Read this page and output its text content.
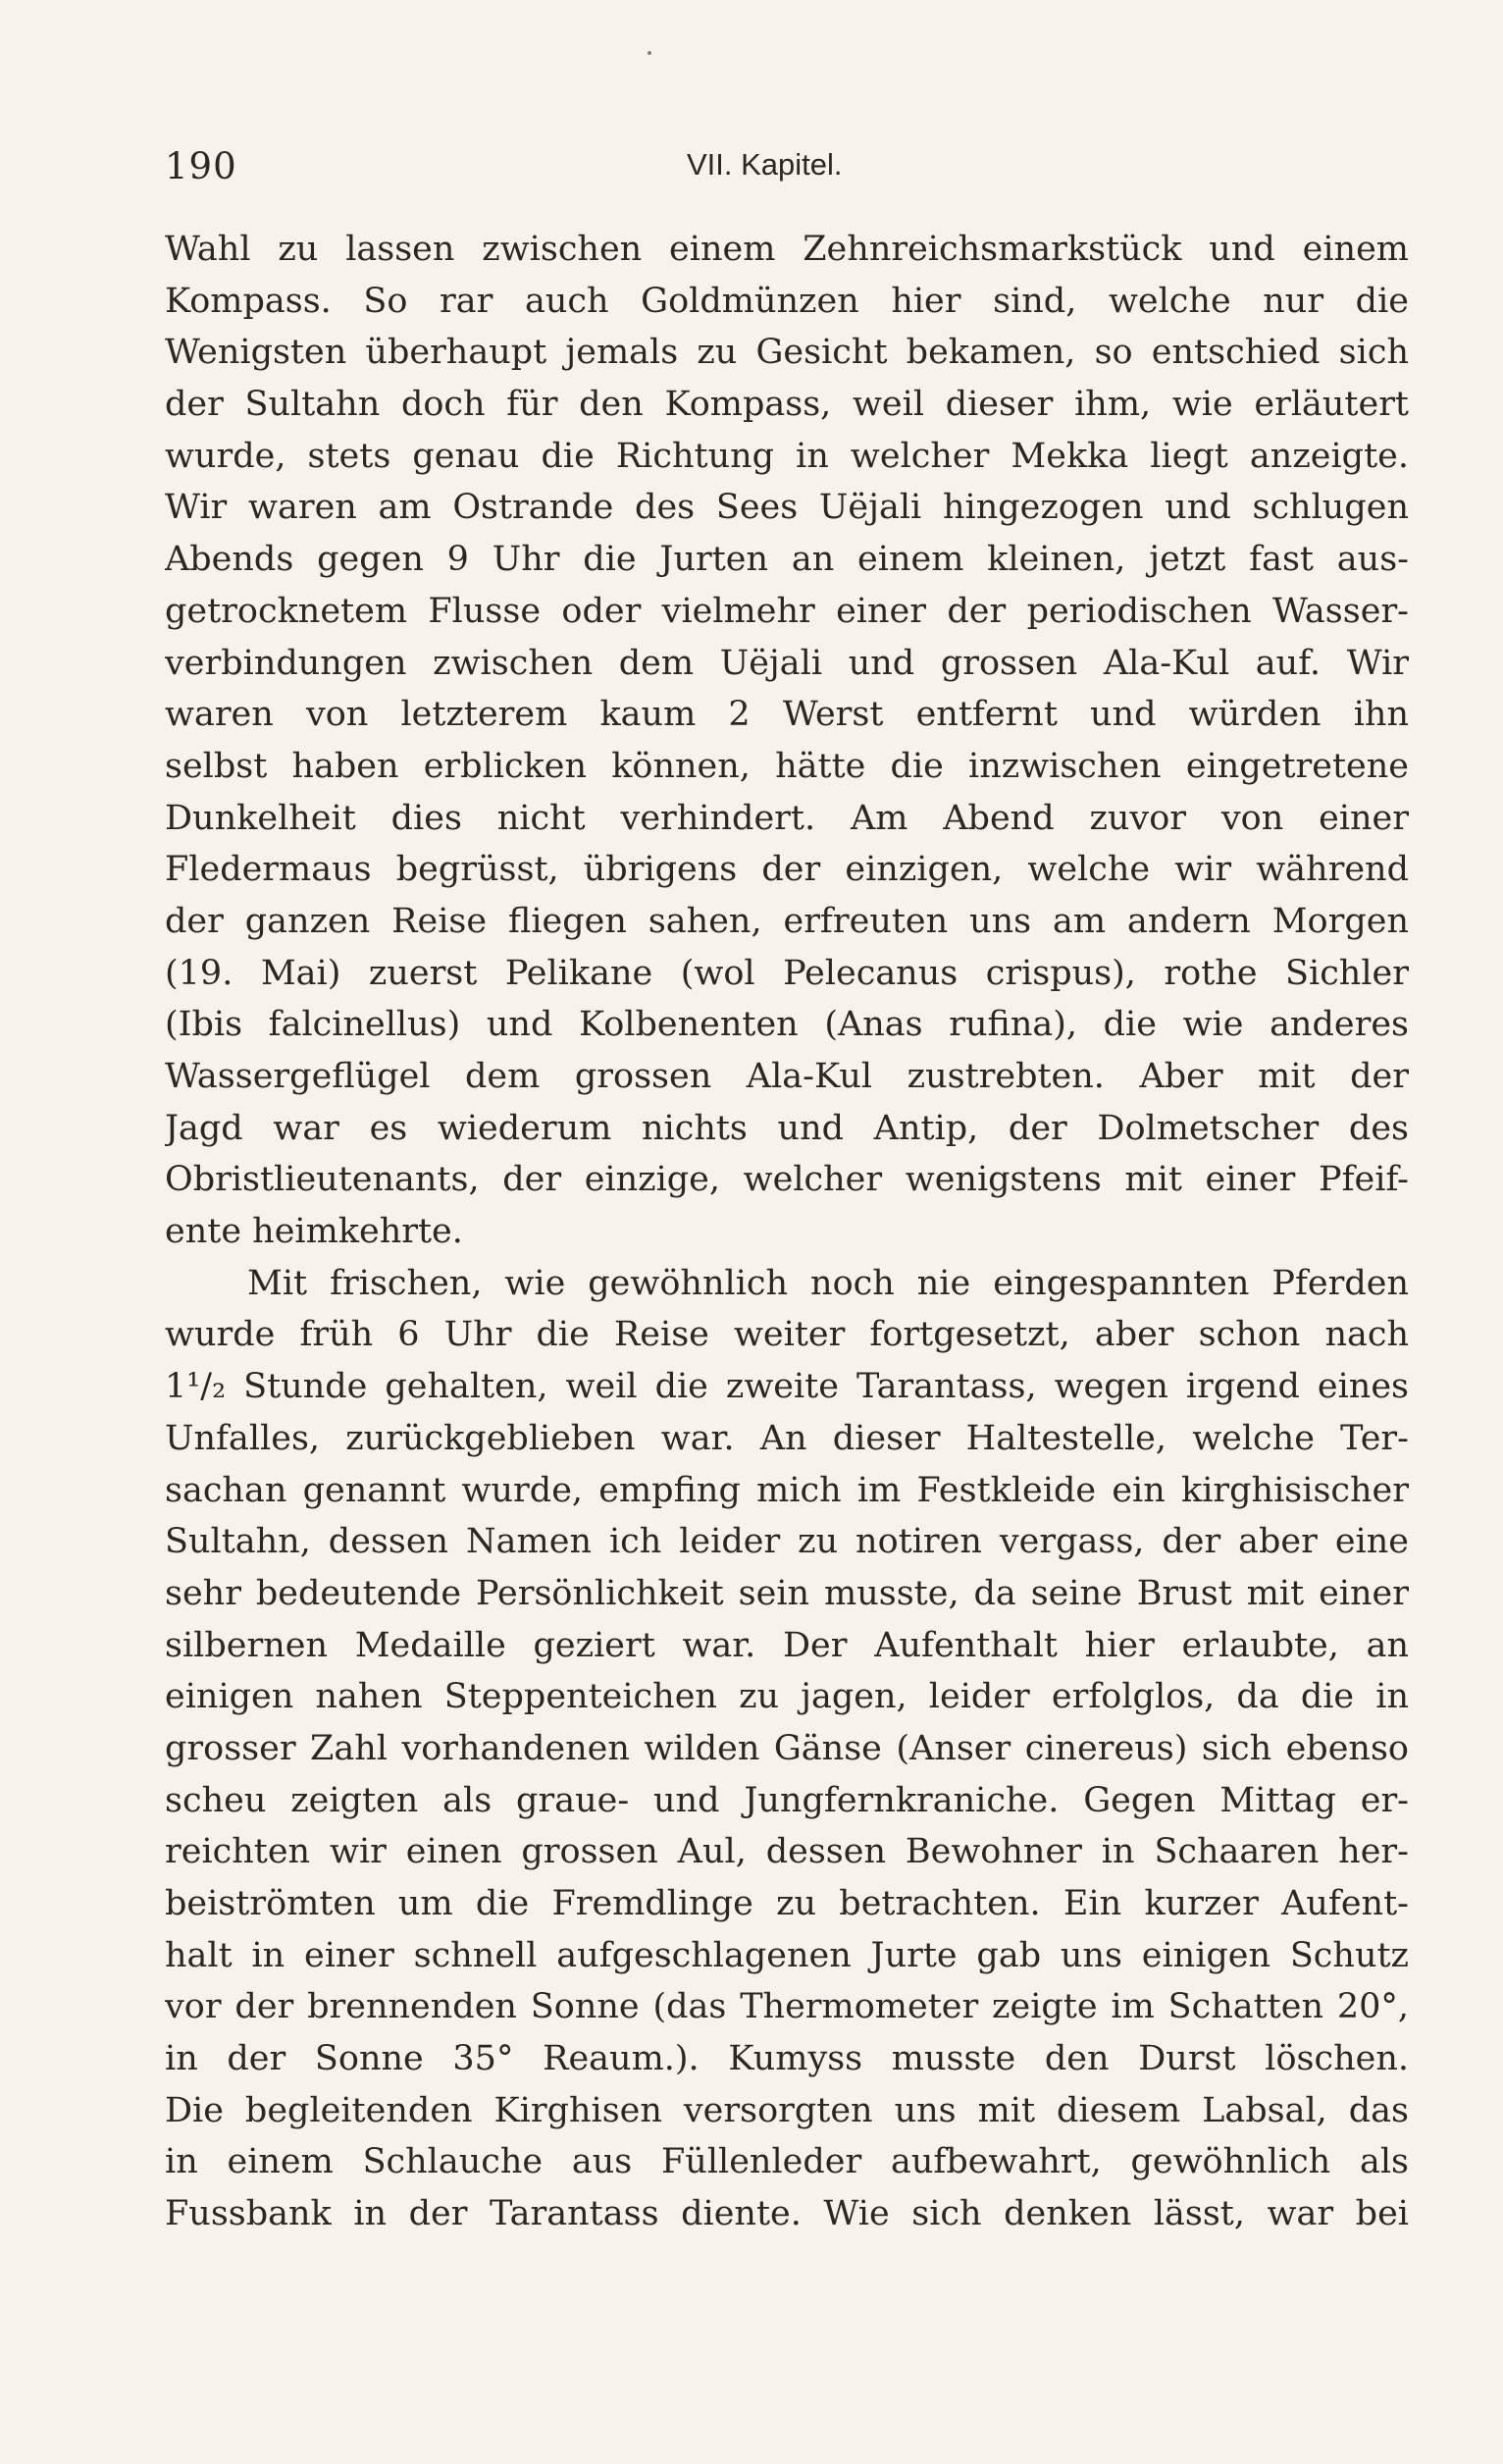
190	VII. Kapitel.
Wahl zu lassen zwischen einem Zehnreichsmarkstück und einem
Kompass. So rar auch Goldmünzen hier sind, welche nur die
Wenigsten überhaupt jemals zu Gesicht bekamen, so entschied sich
der Sultahn doch für den Kompass, weil dieser ihm, wie erläutert
wurde, stets genau die Richtung in welcher Mekka liegt anzeigte.
Wir waren am Ostrande des Sees Uëjali hingezogen und schlugen
Abends gegen 9 Uhr die Jurten an einem kleinen, jetzt fast aus-
getrocknetem Flusse oder vielmehr einer der periodischen Wasser-
verbindungen zwischen dem Uëjali und grossen Ala-Kul auf. Wir
waren von letzterem kaum 2 Werst entfernt und würden ihn
selbst haben erblicken können, hätte die inzwischen eingetretene
Dunkelheit dies nicht verhindert. Am Abend zuvor von einer
Fledermaus begrüsst, übrigens der einzigen, welche wir während
der ganzen Reise fliegen sahen, erfreuten uns am andern Morgen
(19. Mai) zuerst Pelikane (wol Pelecanus crispus), rothe Sichler
(Ibis falcinellus) und Kolbenenten (Anas rufina), die wie anderes
Wassergeflügel dem grossen Ala-Kul zustrebten. Aber mit der
Jagd war es wiederum nichts und Antip, der Dolmetscher des
Obristlieutenants, der einzige, welcher wenigstens mit einer Pfeif-
ente heimkehrte.
Mit frischen, wie gewöhnlich noch nie eingespannten Pferden
wurde früh 6 Uhr die Reise weiter fortgesetzt, aber schon nach
1¹/₂ Stunde gehalten, weil die zweite Tarantass, wegen irgend eines
Unfalles, zurückgeblieben war. An dieser Haltestelle, welche Ter-
sachan genannt wurde, empfing mich im Festkleide ein kirghisischer
Sultahn, dessen Namen ich leider zu notiren vergass, der aber eine
sehr bedeutende Persönlichkeit sein musste, da seine Brust mit einer
silbernen Medaille geziert war. Der Aufenthalt hier erlaubte, an
einigen nahen Steppenteichen zu jagen, leider erfolglos, da die in
grosser Zahl vorhandenen wilden Gänse (Anser cinereus) sich ebenso
scheu zeigten als graue- und Jungfernkraniche. Gegen Mittag er-
reichten wir einen grossen Aul, dessen Bewohner in Schaaren her-
beiströmten um die Fremdlinge zu betrachten. Ein kurzer Aufent-
halt in einer schnell aufgeschlagenen Jurte gab uns einigen Schutz
vor der brennenden Sonne (das Thermometer zeigte im Schatten 20°,
in der Sonne 35° Reaum.). Kumyss musste den Durst löschen.
Die begleitenden Kirghisen versorgten uns mit diesem Labsal, das
in einem Schlauche aus Füllenleder aufbewahrt, gewöhnlich als
Fussbank in der Tarantass diente. Wie sich denken lässt, war bei
